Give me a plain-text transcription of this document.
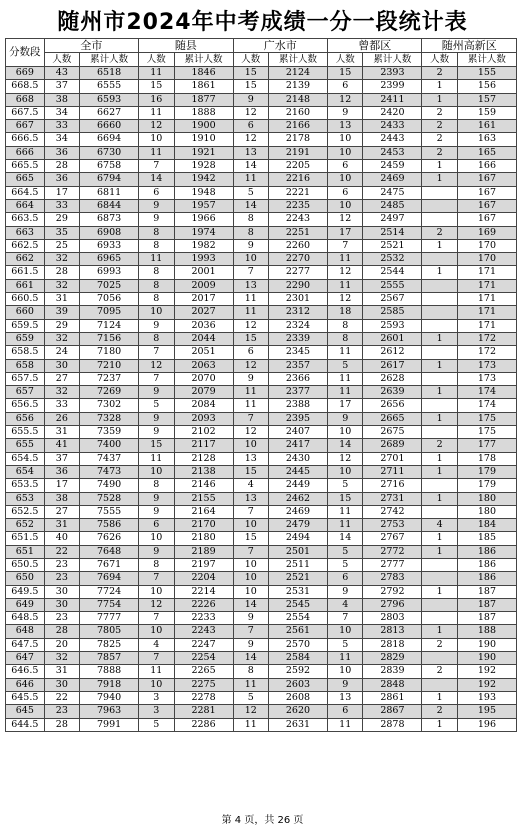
随州市2024年中考成绩一分一段统计表
分数段	全市		随县		广水市		曾都区		随州高新区	
	人数	累计人数	人数	累计人数	人数	累计人数	人数	累计人数	人数	累计人数
669	43	6518	11	1846	15	2124	15	2393	2	155
668.5	37	6555	15	1861	15	2139	6	2399	1	156
668	38	6593	16	1877	9	2148	12	2411	1	157
667.5	34	6627	11	1888	12	2160	9	2420	2	159
667	33	6660	12	1900	6	2166	13	2433	2	161
666.5	34	6694	10	1910	12	2178	10	2443	2	163
666	36	6730	11	1921	13	2191	10	2453	2	165
665.5	28	6758	7	1928	14	2205	6	2459	1	166
665	36	6794	14	1942	11	2216	10	2469	1	167
664.5	17	6811	6	1948	5	2221	6	2475		167
664	33	6844	9	1957	14	2235	10	2485		167
663.5	29	6873	9	1966	8	2243	12	2497		167
663	35	6908	8	1974	8	2251	17	2514	2	169
662.5	25	6933	8	1982	9	2260	7	2521	1	170
662	32	6965	11	1993	10	2270	11	2532		170
661.5	28	6993	8	2001	7	2277	12	2544	1	171
661	32	7025	8	2009	13	2290	11	2555		171
660.5	31	7056	8	2017	11	2301	12	2567		171
660	39	7095	10	2027	11	2312	18	2585		171
659.5	29	7124	9	2036	12	2324	8	2593		171
659	32	7156	8	2044	15	2339	8	2601	1	172
658.5	24	7180	7	2051	6	2345	11	2612		172
658	30	7210	12	2063	12	2357	5	2617	1	173
657.5	27	7237	7	2070	9	2366	11	2628		173
657	32	7269	9	2079	11	2377	11	2639	1	174
656.5	33	7302	5	2084	11	2388	17	2656		174
656	26	7328	9	2093	7	2395	9	2665	1	175
655.5	31	7359	9	2102	12	2407	10	2675		175
655	41	7400	15	2117	10	2417	14	2689	2	177
654.5	37	7437	11	2128	13	2430	12	2701	1	178
654	36	7473	10	2138	15	2445	10	2711	1	179
653.5	17	7490	8	2146	4	2449	5	2716		179
653	38	7528	9	2155	13	2462	15	2731	1	180
652.5	27	7555	9	2164	7	2469	11	2742		180
652	31	7586	6	2170	10	2479	11	2753	4	184
651.5	40	7626	10	2180	15	2494	14	2767	1	185
651	22	7648	9	2189	7	2501	5	2772	1	186
650.5	23	7671	8	2197	10	2511	5	2777		186
650	23	7694	7	2204	10	2521	6	2783		186
649.5	30	7724	10	2214	10	2531	9	2792	1	187
649	30	7754	12	2226	14	2545	4	2796		187
648.5	23	7777	7	2233	9	2554	7	2803		187
648	28	7805	10	2243	7	2561	10	2813	1	188
647.5	20	7825	4	2247	9	2570	5	2818	2	190
647	32	7857	7	2254	14	2584	11	2829		190
646.5	31	7888	11	2265	8	2592	10	2839	2	192
646	30	7918	10	2275	11	2603	9	2848		192
645.5	22	7940	3	2278	5	2608	13	2861	1	193
645	23	7963	3	2281	12	2620	6	2867	2	195
644.5	28	7991	5	2286	11	2631	11	2878	1	196
第 4 页，共 26 页
